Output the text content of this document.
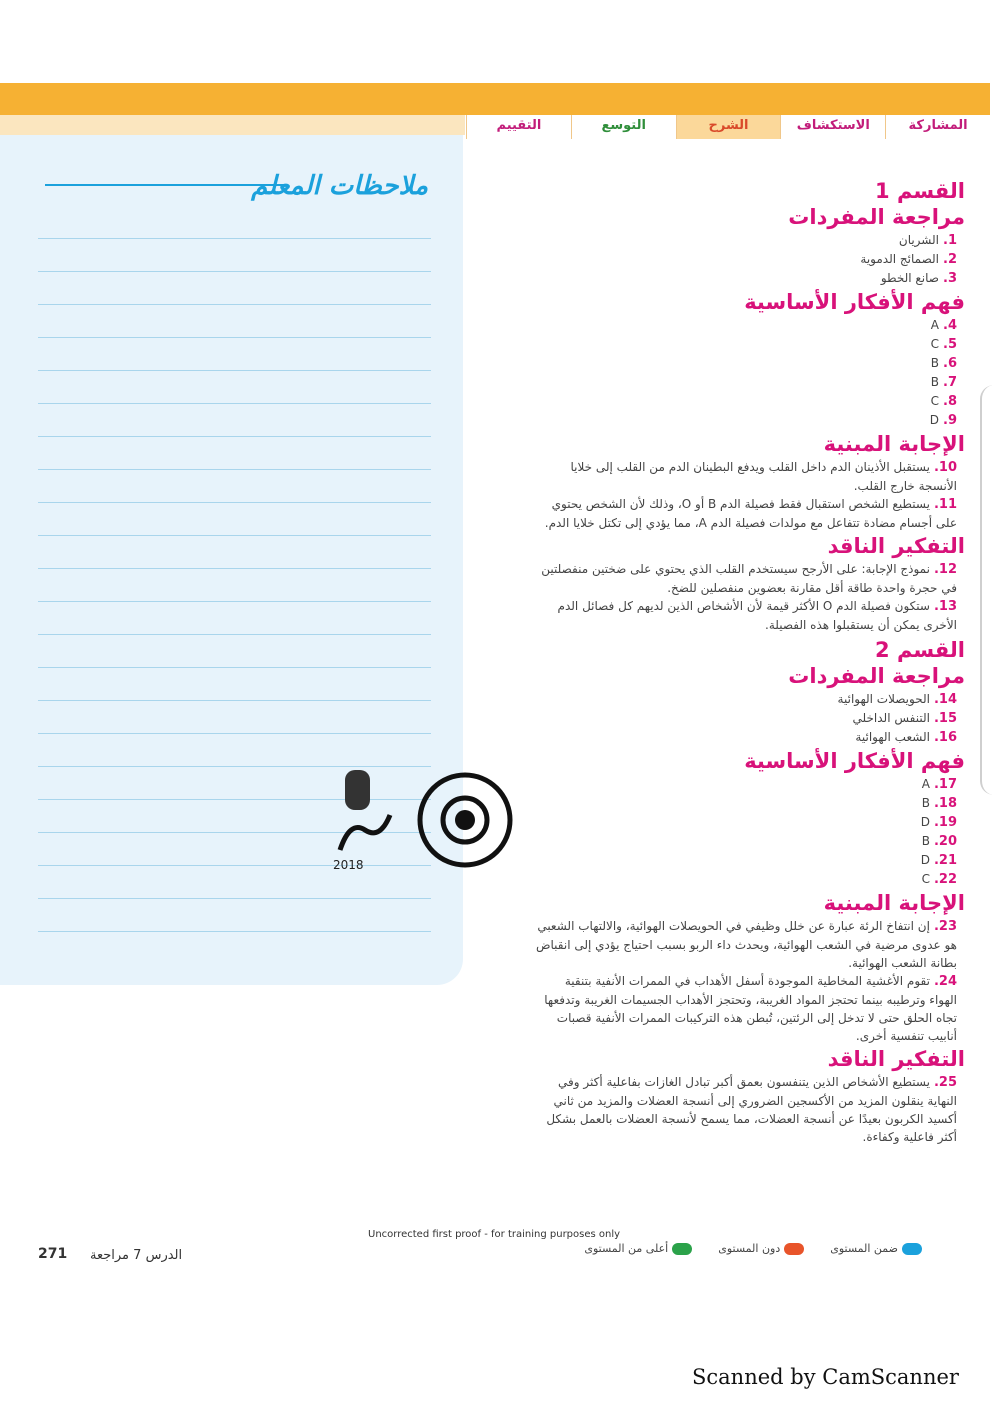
المشاركة
الاستكشاف
الشرح
التوسع
التقييم
ملاحظات المعلم
2018
القسم 1
مراجعة المفردات
1.الشريان
2.الصمائج الدموية
3.صانع الخطو
فهم الأفكار الأساسية
4.A
5.C
6.B
7.B
8.C
9.D
الإجابة المبنية
10.يستقبل الأذينان الدم داخل القلب ويدفع البطينان الدم من القلب إلى خلايا الأنسجة خارج القلب.
11.يستطيع الشخص استقبال فقط فصيلة الدم B أو O، وذلك لأن الشخص يحتوي على أجسام مضادة تتفاعل مع مولدات فصيلة الدم A، مما يؤدي إلى تكتل خلايا الدم.
التفكير الناقد
12.نموذج الإجابة: على الأرجح سيستخدم القلب الذي يحتوي على ضختين منفصلتين في حجرة واحدة طاقة أقل مقارنة بعضوين منفصلين للضخ.
13.ستكون فصيلة الدم O الأكثر قيمة لأن الأشخاص الذين لديهم كل فصائل الدم الأخرى يمكن أن يستقبلوا هذه الفصيلة.
القسم 2
مراجعة المفردات
14.الحويصلات الهوائية
15.التنفس الداخلي
16.الشعب الهوائية
فهم الأفكار الأساسية
17.A
18.B
19.D
20.B
21.D
22.C
الإجابة المبنية
23.إن انتفاخ الرئة عبارة عن خلل وظيفي في الحويصلات الهوائية، والالتهاب الشعبي هو عدوى مرضية في الشعب الهوائية، ويحدث داء الربو بسبب احتياج يؤدي إلى انقباض بطانة الشعب الهوائية.
24.تقوم الأغشية المخاطية الموجودة أسفل الأهداب في الممرات الأنفية بتنقية الهواء وترطيبه بينما تحتجز المواد الغريبة، وتحتجز الأهداب الجسيمات الغريبة وتدفعها تجاه الحلق حتى لا تدخل إلى الرئتين، تُبطن هذه التركيبات الممرات الأنفية قصبات أنابيب تنفسية أخرى.
التفكير الناقد
25.يستطيع الأشخاص الذين يتنفسون بعمق أكبر تبادل الغازات بفاعلية أكثر وفي النهاية ينقلون المزيد من الأكسجين الضروري إلى أنسجة العضلات والمزيد من ثاني أكسيد الكربون بعيدًا عن أنسجة العضلات، مما يسمح لأنسجة العضلات بالعمل بشكل أكثر فاعلية وكفاءة.
Uncorrected first proof - for training purposes only
ضمن المستوى
دون المستوى
أعلى من المستوى
271 الدرس 7 مراجعة
Scanned by CamScanner
